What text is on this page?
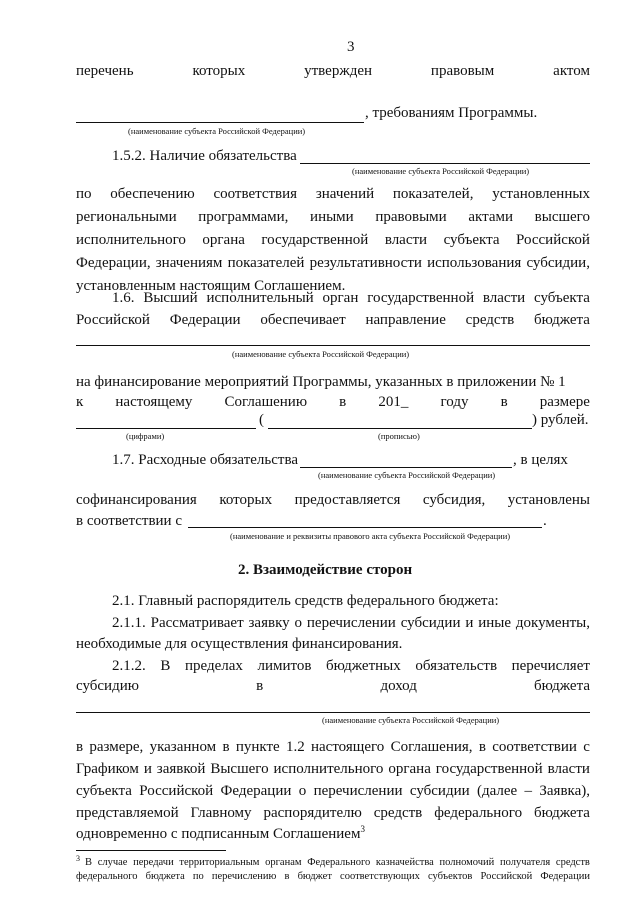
3
перечень	которых	утвержден	правовым	актом
, требованиям Программы.
(наименование субъекта Российской Федерации)
1.5.2. Наличие обязательства
(наименование субъекта Российской Федерации)
по обеспечению соответствия значений показателей, установленных
региональными программами, иными правовыми актами высшего
исполнительного органа государственной власти субъекта Российской
Федерации, значениям показателей результативности использования субсидии,
установленным настоящим Соглашением.
1.6. Высший исполнительный орган государственной власти субъекта
Российской Федерации обеспечивает направление средств бюджета
(наименование субъекта Российской Федерации)
на финансирование мероприятий Программы, указанных в приложении № 1
к настоящему Соглашению в 201_ году в размере
(	) рублей.
(цифрами)	(прописью)
1.7. Расходные обязательства	, в целях
(наименование субъекта Российской Федерации)
софинансирования которых предоставляется субсидия, установлены
в соответствии с	.
(наименование и реквизиты правового акта субъекта Российской Федерации)
2. Взаимодействие сторон
2.1. Главный распорядитель средств федерального бюджета:
2.1.1. Рассматривает заявку о перечислении субсидии и иные документы,
необходимые для осуществления финансирования.
2.1.2. В пределах лимитов бюджетных обязательств перечисляет
субсидию	в	доход	бюджета
(наименование субъекта Российской Федерации)
в размере, указанном в пункте 1.2 настоящего Соглашения, в соответствии с
Графиком и заявкой Высшего исполнительного органа государственной власти
субъекта Российской Федерации о перечислении субсидии (далее – Заявка),
представляемой Главному распорядителю средств федерального бюджета
одновременно с подписанным Соглашением$^3$
3 В случае передачи территориальным органам Федерального казначейства полномочий получателя средств
федерального бюджета по перечислению в бюджет соответствующих субъектов Российской Федерации
